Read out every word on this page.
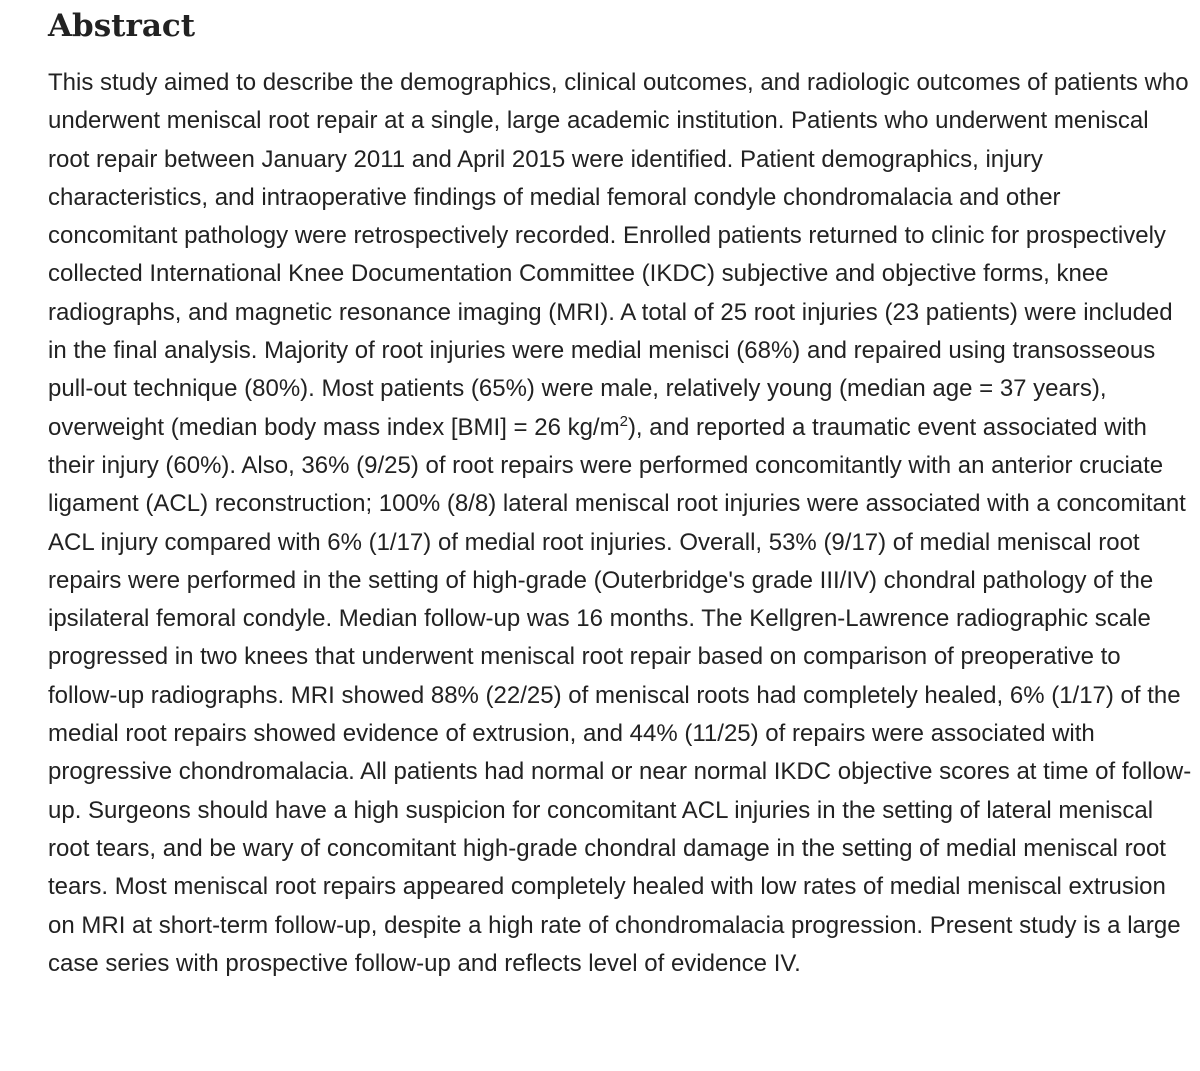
Abstract

This study aimed to describe the demographics, clinical outcomes, and radiologic outcomes of patients who underwent meniscal root repair at a single, large academic institution. Patients who underwent meniscal root repair between January 2011 and April 2015 were identified. Patient demographics, injury characteristics, and intraoperative findings of medial femoral condyle chondromalacia and other concomitant pathology were retrospectively recorded. Enrolled patients returned to clinic for prospectively collected International Knee Documentation Committee (IKDC) subjective and objective forms, knee radiographs, and magnetic resonance imaging (MRI). A total of 25 root injuries (23 patients) were included in the final analysis. Majority of root injuries were medial menisci (68%) and repaired using transosseous pull-out technique (80%). Most patients (65%) were male, relatively young (median age = 37 years), overweight (median body mass index [BMI] = 26 $kg/m^2$), and reported a traumatic event associated with their injury (60%). Also, 36% (9/25) of root repairs were performed concomitantly with an anterior cruciate ligament (ACL) reconstruction; 100% (8/8) lateral meniscal root injuries were associated with a concomitant ACL injury compared with 6% (1/17) of medial root injuries. Overall, 53% (9/17) of medial meniscal root repairs were performed in the setting of high-grade (Outerbridge's grade III/IV) chondral pathology of the ipsilateral femoral condyle. Median follow-up was 16 months. The Kellgren-Lawrence radiographic scale progressed in two knees that underwent meniscal root repair based on comparison of preoperative to follow-up radiographs. MRI showed 88% (22/25) of meniscal roots had completely healed, 6% (1/17) of the medial root repairs showed evidence of extrusion, and 44% (11/25) of repairs were associated with progressive chondromalacia. All patients had normal or near normal IKDC objective scores at time of follow-up. Surgeons should have a high suspicion for concomitant ACL injuries in the setting of lateral meniscal root tears, and be wary of concomitant high-grade chondral damage in the setting of medial meniscal root tears. Most meniscal root repairs appeared completely healed with low rates of medial meniscal extrusion on MRI at short-term follow-up, despite a high rate of chondromalacia progression. Present study is a large case series with prospective follow-up and reflects level of evidence IV.
